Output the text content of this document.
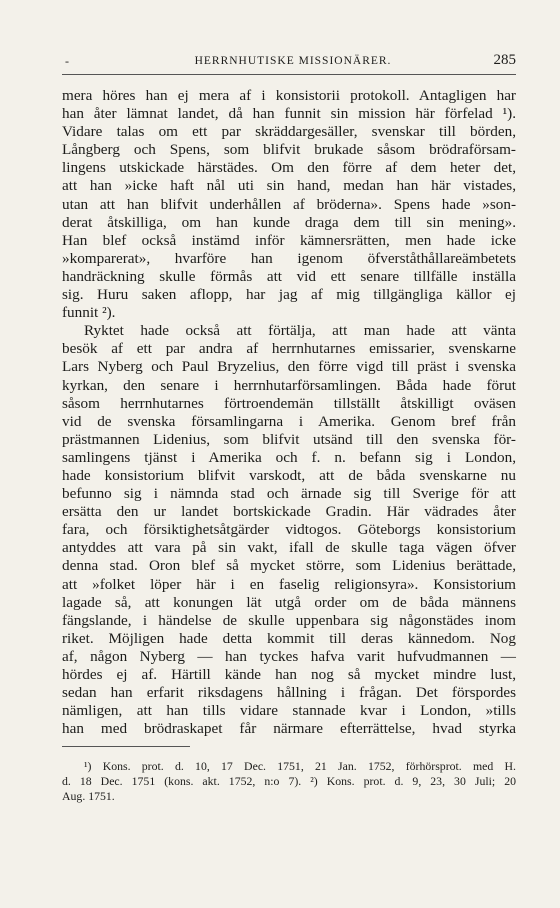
-	HERRNHUTISKE MISSIONÄRER.	285

mera höres han ej mera af i konsistorii protokoll. Antagligen har

han åter lämnat landet, då han funnit sin mission här förfelad ¹).

Vidare talas om ett par skräddargesäller, svenskar till börden,

Långberg och Spens, som blifvit brukade såsom brödraförsam-

lingens utskickade härstädes. Om den förre af dem heter det,

att han »icke haft nål uti sin hand, medan han här vistades,

utan att han blifvit underhållen af bröderna». Spens hade »son-

derat åtskilliga, om han kunde draga dem till sin mening».

Han blef också instämd inför kämnersrätten, men hade icke

»komparerat», hvarföre han igenom öfverståthållareämbetets

handräckning skulle förmås att vid ett senare tillfälle inställa

sig. Huru saken aflopp, har jag af mig tillgängliga källor ej

funnit ²).

Ryktet hade också att förtälja, att man hade att vänta

besök af ett par andra af herrnhutarnes emissarier, svenskarne

Lars Nyberg och Paul Bryzelius, den förre vigd till präst i svenska

kyrkan, den senare i herrnhutarförsamlingen. Båda hade förut

såsom herrnhutarnes förtroendemän tillställt åtskilligt oväsen

vid de svenska församlingarna i Amerika. Genom bref från

prästmannen Lidenius, som blifvit utsänd till den svenska för-

samlingens tjänst i Amerika och f. n. befann sig i London,

hade konsistorium blifvit varskodt, att de båda svenskarne nu

befunno sig i nämnda stad och ärnade sig till Sverige för att

ersätta den ur landet bortskickade Gradin. Här vädrades åter

fara, och försiktighetsåtgärder vidtogos. Göteborgs konsistorium

antyddes att vara på sin vakt, ifall de skulle taga vägen öfver

denna stad. Oron blef så mycket större, som Lidenius berättade,

att »folket löper här i en faselig religionsyra». Konsistorium

lagade så, att konungen lät utgå order om de båda männens

fängslande, i händelse de skulle uppenbara sig någonstädes inom

riket. Möjligen hade detta kommit till deras kännedom. Nog

af, någon Nyberg — han tyckes hafva varit hufvudmannen —

hördes ej af. Härtill kände han nog så mycket mindre lust,

sedan han erfarit riksdagens hållning i frågan. Det förspordes

nämligen, att han tills vidare stannade kvar i London, »tills

han med brödraskapet får närmare efterrättelse, hvad styrka

¹) Kons. prot. d. 10, 17 Dec. 1751, 21 Jan. 1752, förhörsprot. med H.

d. 18 Dec. 1751 (kons. akt. 1752, n:o 7). ²) Kons. prot. d. 9, 23, 30 Juli; 20

Aug. 1751.
